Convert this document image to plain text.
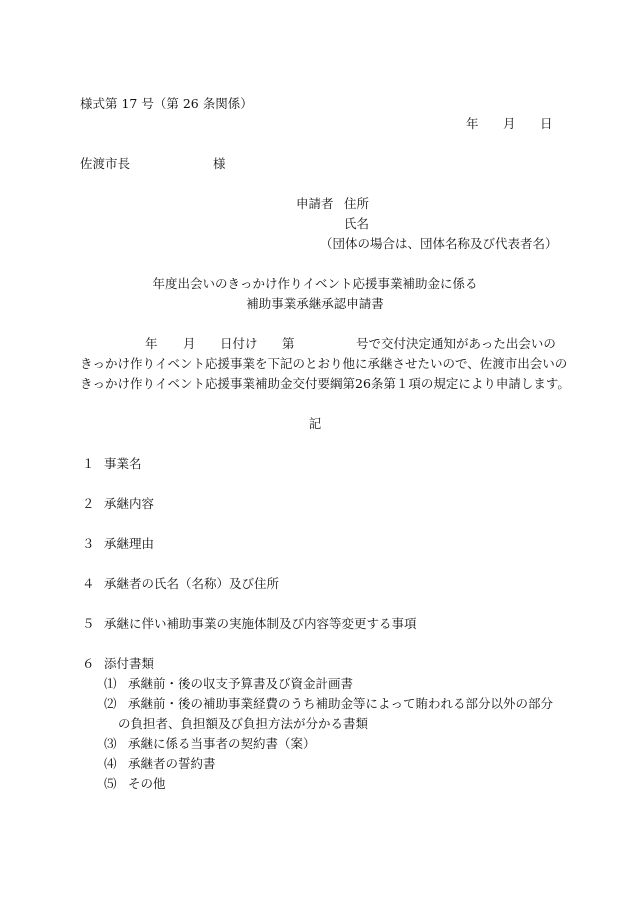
様式第 17 号（第 26 条関係）
年 月 日
佐渡市長	様
申請者 住所
氏名
（団体の場合は、団体名称及び代表者名）
年度出会いのきっかけ作りイベント応援事業補助金に係る
補助事業承継承認申請書
年 月 日付け 第	号で交付決定通知があった出会いの
きっかけ作りイベント応援事業を下記のとおり他に承継させたいので、佐渡市出会いの
きっかけ作りイベント応援事業補助金交付要綱第26条第１項の規定により申請します。
記
１ 事業名
２ 承継内容
３ 承継理由
４ 承継者の氏名（名称）及び住所
５ 承継に伴い補助事業の実施体制及び内容等変更する事項
６ 添付書類
⑴ 承継前・後の収支予算書及び資金計画書
⑵ 承継前・後の補助事業経費のうち補助金等によって賄われる部分以外の部分
の負担者、負担額及び負担方法が分かる書類
⑶ 承継に係る当事者の契約書（案）
⑷ 承継者の誓約書
⑸ その他
